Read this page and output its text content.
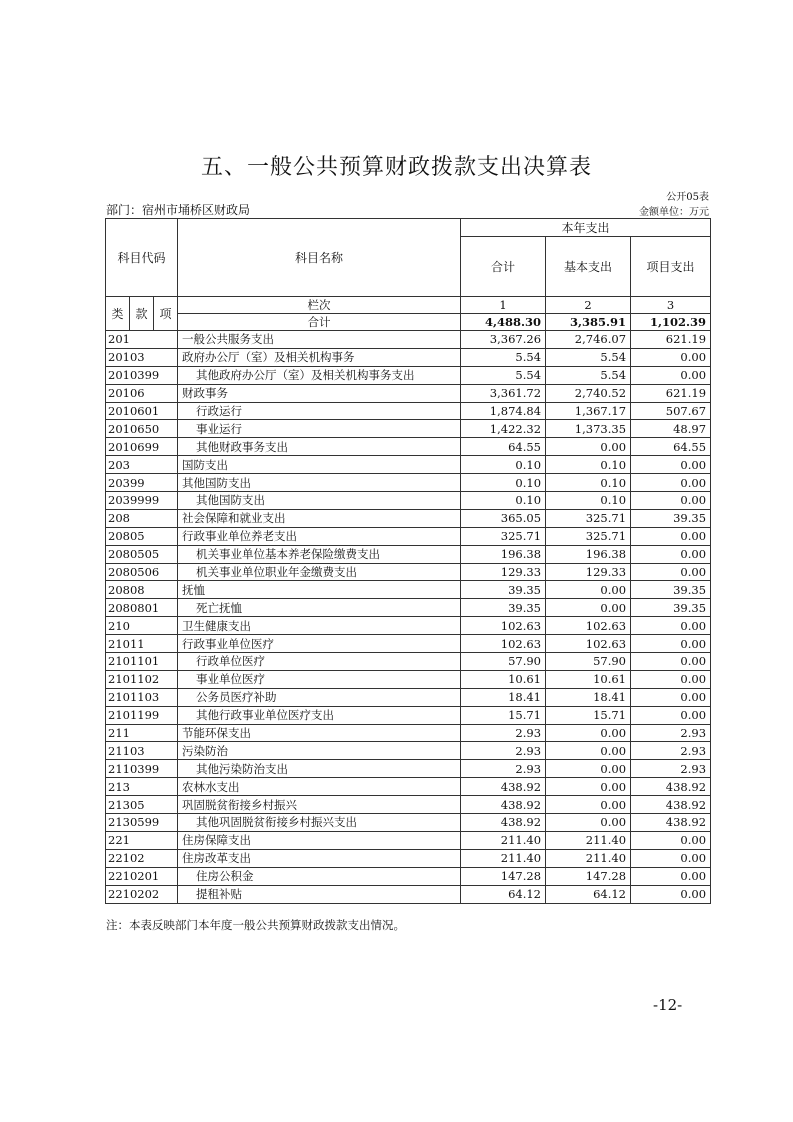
五、一般公共预算财政拨款支出决算表
公开05表
部门：宿州市埇桥区财政局	金额单位：万元
科目代码			科目名称	本年支出		
				合计	基本支出	项目支出
类	款	项	栏次	1	2	3
			合计	4,488.30	3,385.91	1,102.39
201			一般公共服务支出	3,367.26	2,746.07	621.19
20103			政府办公厅（室）及相关机构事务	5.54	5.54	0.00
2010399			其他政府办公厅（室）及相关机构事务支出	5.54	5.54	0.00
20106			财政事务	3,361.72	2,740.52	621.19
2010601			行政运行	1,874.84	1,367.17	507.67
2010650			事业运行	1,422.32	1,373.35	48.97
2010699			其他财政事务支出	64.55	0.00	64.55
203			国防支出	0.10	0.10	0.00
20399			其他国防支出	0.10	0.10	0.00
2039999			其他国防支出	0.10	0.10	0.00
208			社会保障和就业支出	365.05	325.71	39.35
20805			行政事业单位养老支出	325.71	325.71	0.00
2080505			机关事业单位基本养老保险缴费支出	196.38	196.38	0.00
2080506			机关事业单位职业年金缴费支出	129.33	129.33	0.00
20808			抚恤	39.35	0.00	39.35
2080801			死亡抚恤	39.35	0.00	39.35
210			卫生健康支出	102.63	102.63	0.00
21011			行政事业单位医疗	102.63	102.63	0.00
2101101			行政单位医疗	57.90	57.90	0.00
2101102			事业单位医疗	10.61	10.61	0.00
2101103			公务员医疗补助	18.41	18.41	0.00
2101199			其他行政事业单位医疗支出	15.71	15.71	0.00
211			节能环保支出	2.93	0.00	2.93
21103			污染防治	2.93	0.00	2.93
2110399			其他污染防治支出	2.93	0.00	2.93
213			农林水支出	438.92	0.00	438.92
21305			巩固脱贫衔接乡村振兴	438.92	0.00	438.92
2130599			其他巩固脱贫衔接乡村振兴支出	438.92	0.00	438.92
221			住房保障支出	211.40	211.40	0.00
22102			住房改革支出	211.40	211.40	0.00
2210201			住房公积金	147.28	147.28	0.00
2210202			提租补贴	64.12	64.12	0.00
注：本表反映部门本年度一般公共预算财政拨款支出情况。
-12-
